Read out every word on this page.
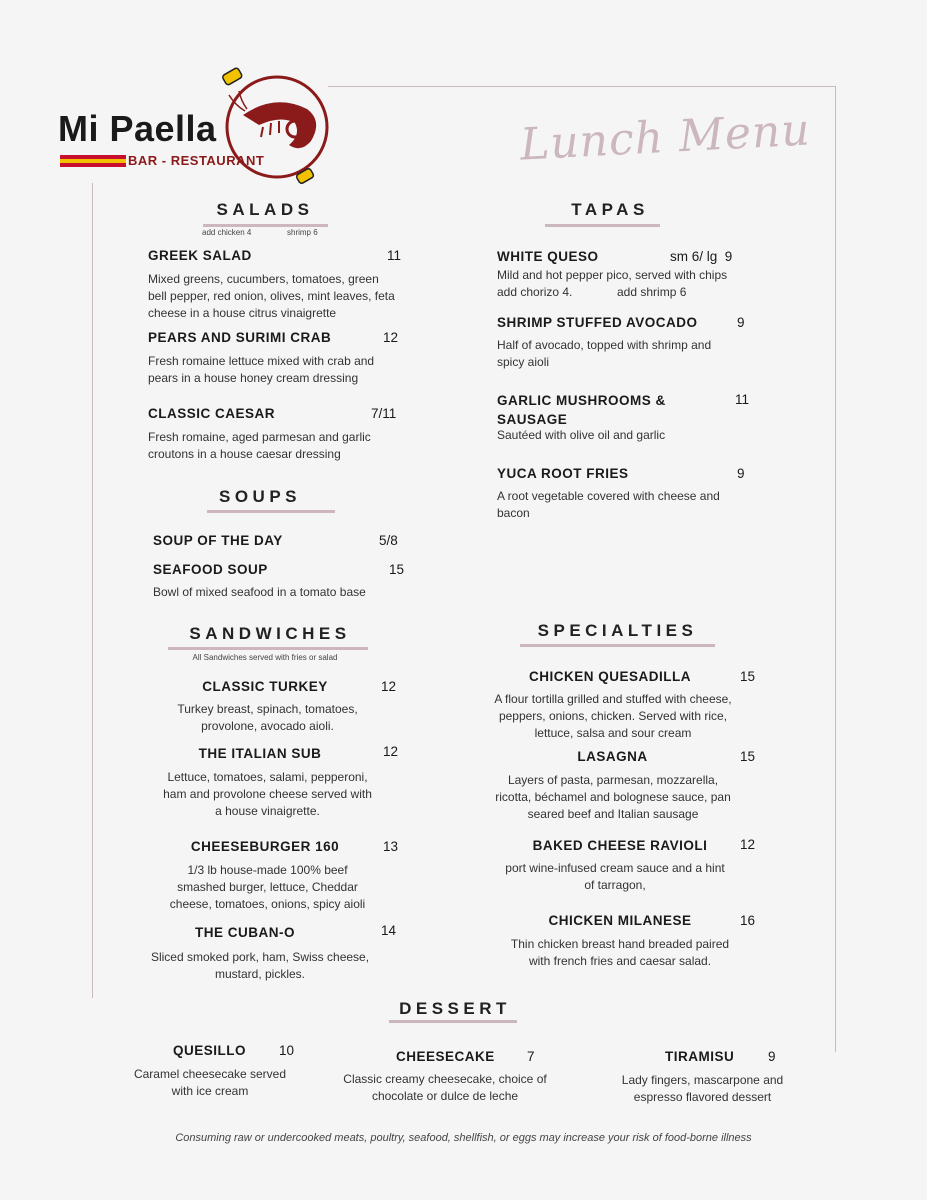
Mi Paella
BAR - RESTAURANT	Lunch Menu
SALADS
add chicken 4	shrimp 6
GREEK SALAD	11
Mixed greens, cucumbers, tomatoes, green
bell pepper, red onion, olives, mint leaves, feta
cheese in a house citrus vinaigrette
PEARS AND SURIMI CRAB	12
Fresh romaine lettuce mixed with crab and
pears in a house honey cream dressing
CLASSIC CAESAR	7/11
Fresh romaine, aged parmesan and garlic
croutons in a house caesar dressing
SOUPS
SOUP OF THE DAY	5/8
SEAFOOD SOUP	15
Bowl of mixed seafood in a tomato base
SANDWICHES
All Sandwiches served with fries or salad
CLASSIC TURKEY	12
Turkey breast, spinach, tomatoes,
provolone, avocado aioli.
THE ITALIAN SUB	12
Lettuce, tomatoes, salami, pepperoni,
ham and provolone cheese served with
a house vinaigrette.
CHEESEBURGER 160	13
1/3 lb house-made 100% beef
smashed burger, lettuce, Cheddar
cheese, tomatoes, onions, spicy aioli
THE CUBAN-O	14
Sliced smoked pork, ham, Swiss cheese,
mustard, pickles.
TAPAS
WHITE QUESO	sm 6/ lg  9
Mild and hot pepper pico, served with chips
add chorizo 4.	add shrimp 6
SHRIMP STUFFED AVOCADO	9
Half of avocado, topped with shrimp and
spicy aioli
GARLIC MUSHROOMS &
SAUSAGE
11
Sautéed with olive oil and garlic
YUCA ROOT FRIES	9
A root vegetable covered with cheese and
bacon
SPECIALTIES
CHICKEN QUESADILLA	15
A flour tortilla grilled and stuffed with cheese,
peppers, onions, chicken. Served with rice,
lettuce, salsa and sour cream
LASAGNA	15
Layers of pasta, parmesan, mozzarella,
ricotta, béchamel and bolognese sauce, pan
seared beef and Italian sausage
BAKED CHEESE RAVIOLI	12
port wine-infused cream sauce and a hint
of tarragon,
CHICKEN MILANESE	16
Thin chicken breast hand breaded paired
with french fries and caesar salad.
DESSERT
QUESILLO 10
Caramel cheesecake served
with ice cream
CHEESECAKE 7
Classic creamy cheesecake, choice of
chocolate or dulce de leche
TIRAMISU	9
Lady fingers, mascarpone and
espresso flavored dessert
Consuming raw or undercooked meats, poultry, seafood, shellfish, or eggs may increase your risk of food-borne illness
